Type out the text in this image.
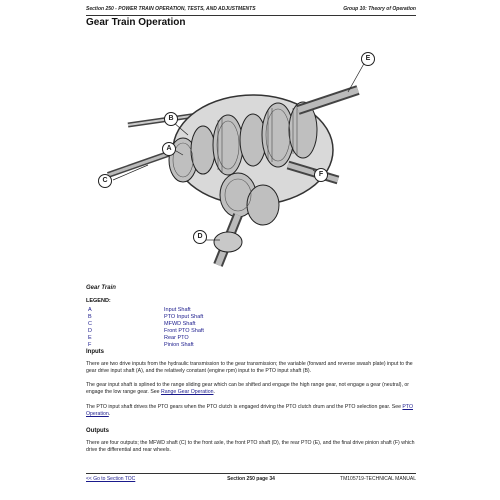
Section 250 - POWER TRAIN OPERATION, TESTS, AND ADJUSTMENTS	Group 10: Theory of Operation
Gear Train Operation
C
B
A
D
E
F
Gear Train
LEGEND:
A	Input Shaft
B	PTO Input Shaft
C	MFWD Shaft
D	Front PTO Shaft
E	Rear PTO
F	Pinion Shaft
Inputs
There are two drive inputs from the hydraulic transmission to the gear transmission; the variable (forward and reverse swash plate) input to the gear drive input shaft (A), and the relatively constant (engine rpm) input to the PTO input shaft (B).
The gear input shaft is splined to the range sliding gear which can be shifted and engage the high range gear, not engage a gear (neutral), or engage the low range gear. See Range Gear Operation.
The PTO input shaft drives the PTO gears when the PTO clutch is engaged driving the PTO clutch drum and the PTO selection gear. See PTO Operation.
Outputs
There are four outputs; the MFWD shaft (C) to the front axle, the front PTO shaft (D), the rear PTO (E), and the final drive pinion shaft (F) which drive the differential and rear wheels.
<< Go to Section TOC	Section 250 page 34	TM105719-TECHNICAL MANUAL
